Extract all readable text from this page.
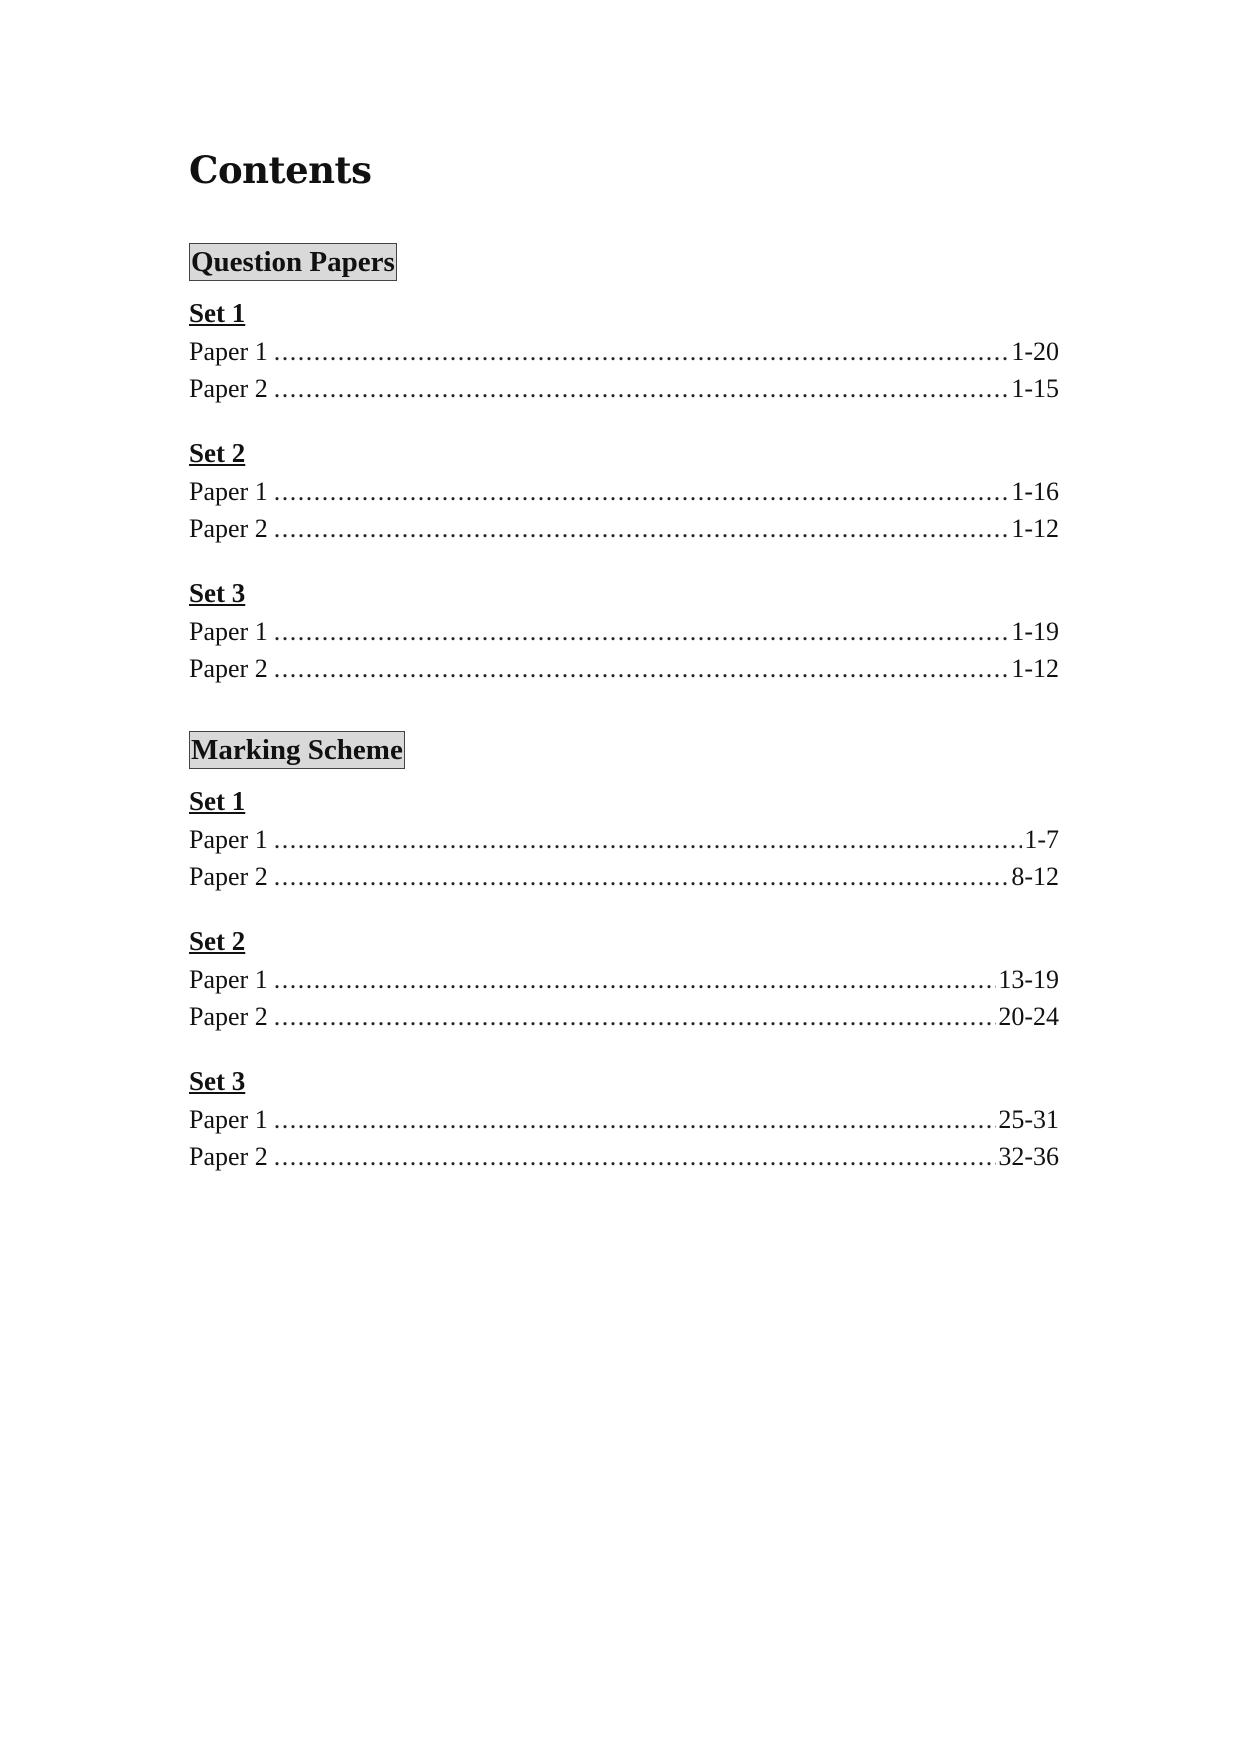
Contents
Question Papers
Set 1
Paper 1 .....	1-20
Paper 2 .....	1-15
Set 2
Paper 1 .....	1-16
Paper 2 .....	1-12
Set 3
Paper 1 .....	1-19
Paper 2 .....	1-12
Marking Scheme
Set 1
Paper 1 .....	1-7
Paper 2 .....	8-12
Set 2
Paper 1 .....	13-19
Paper 2 .....	20-24
Set 3
Paper 1 .....	25-31
Paper 2 .....	32-36
